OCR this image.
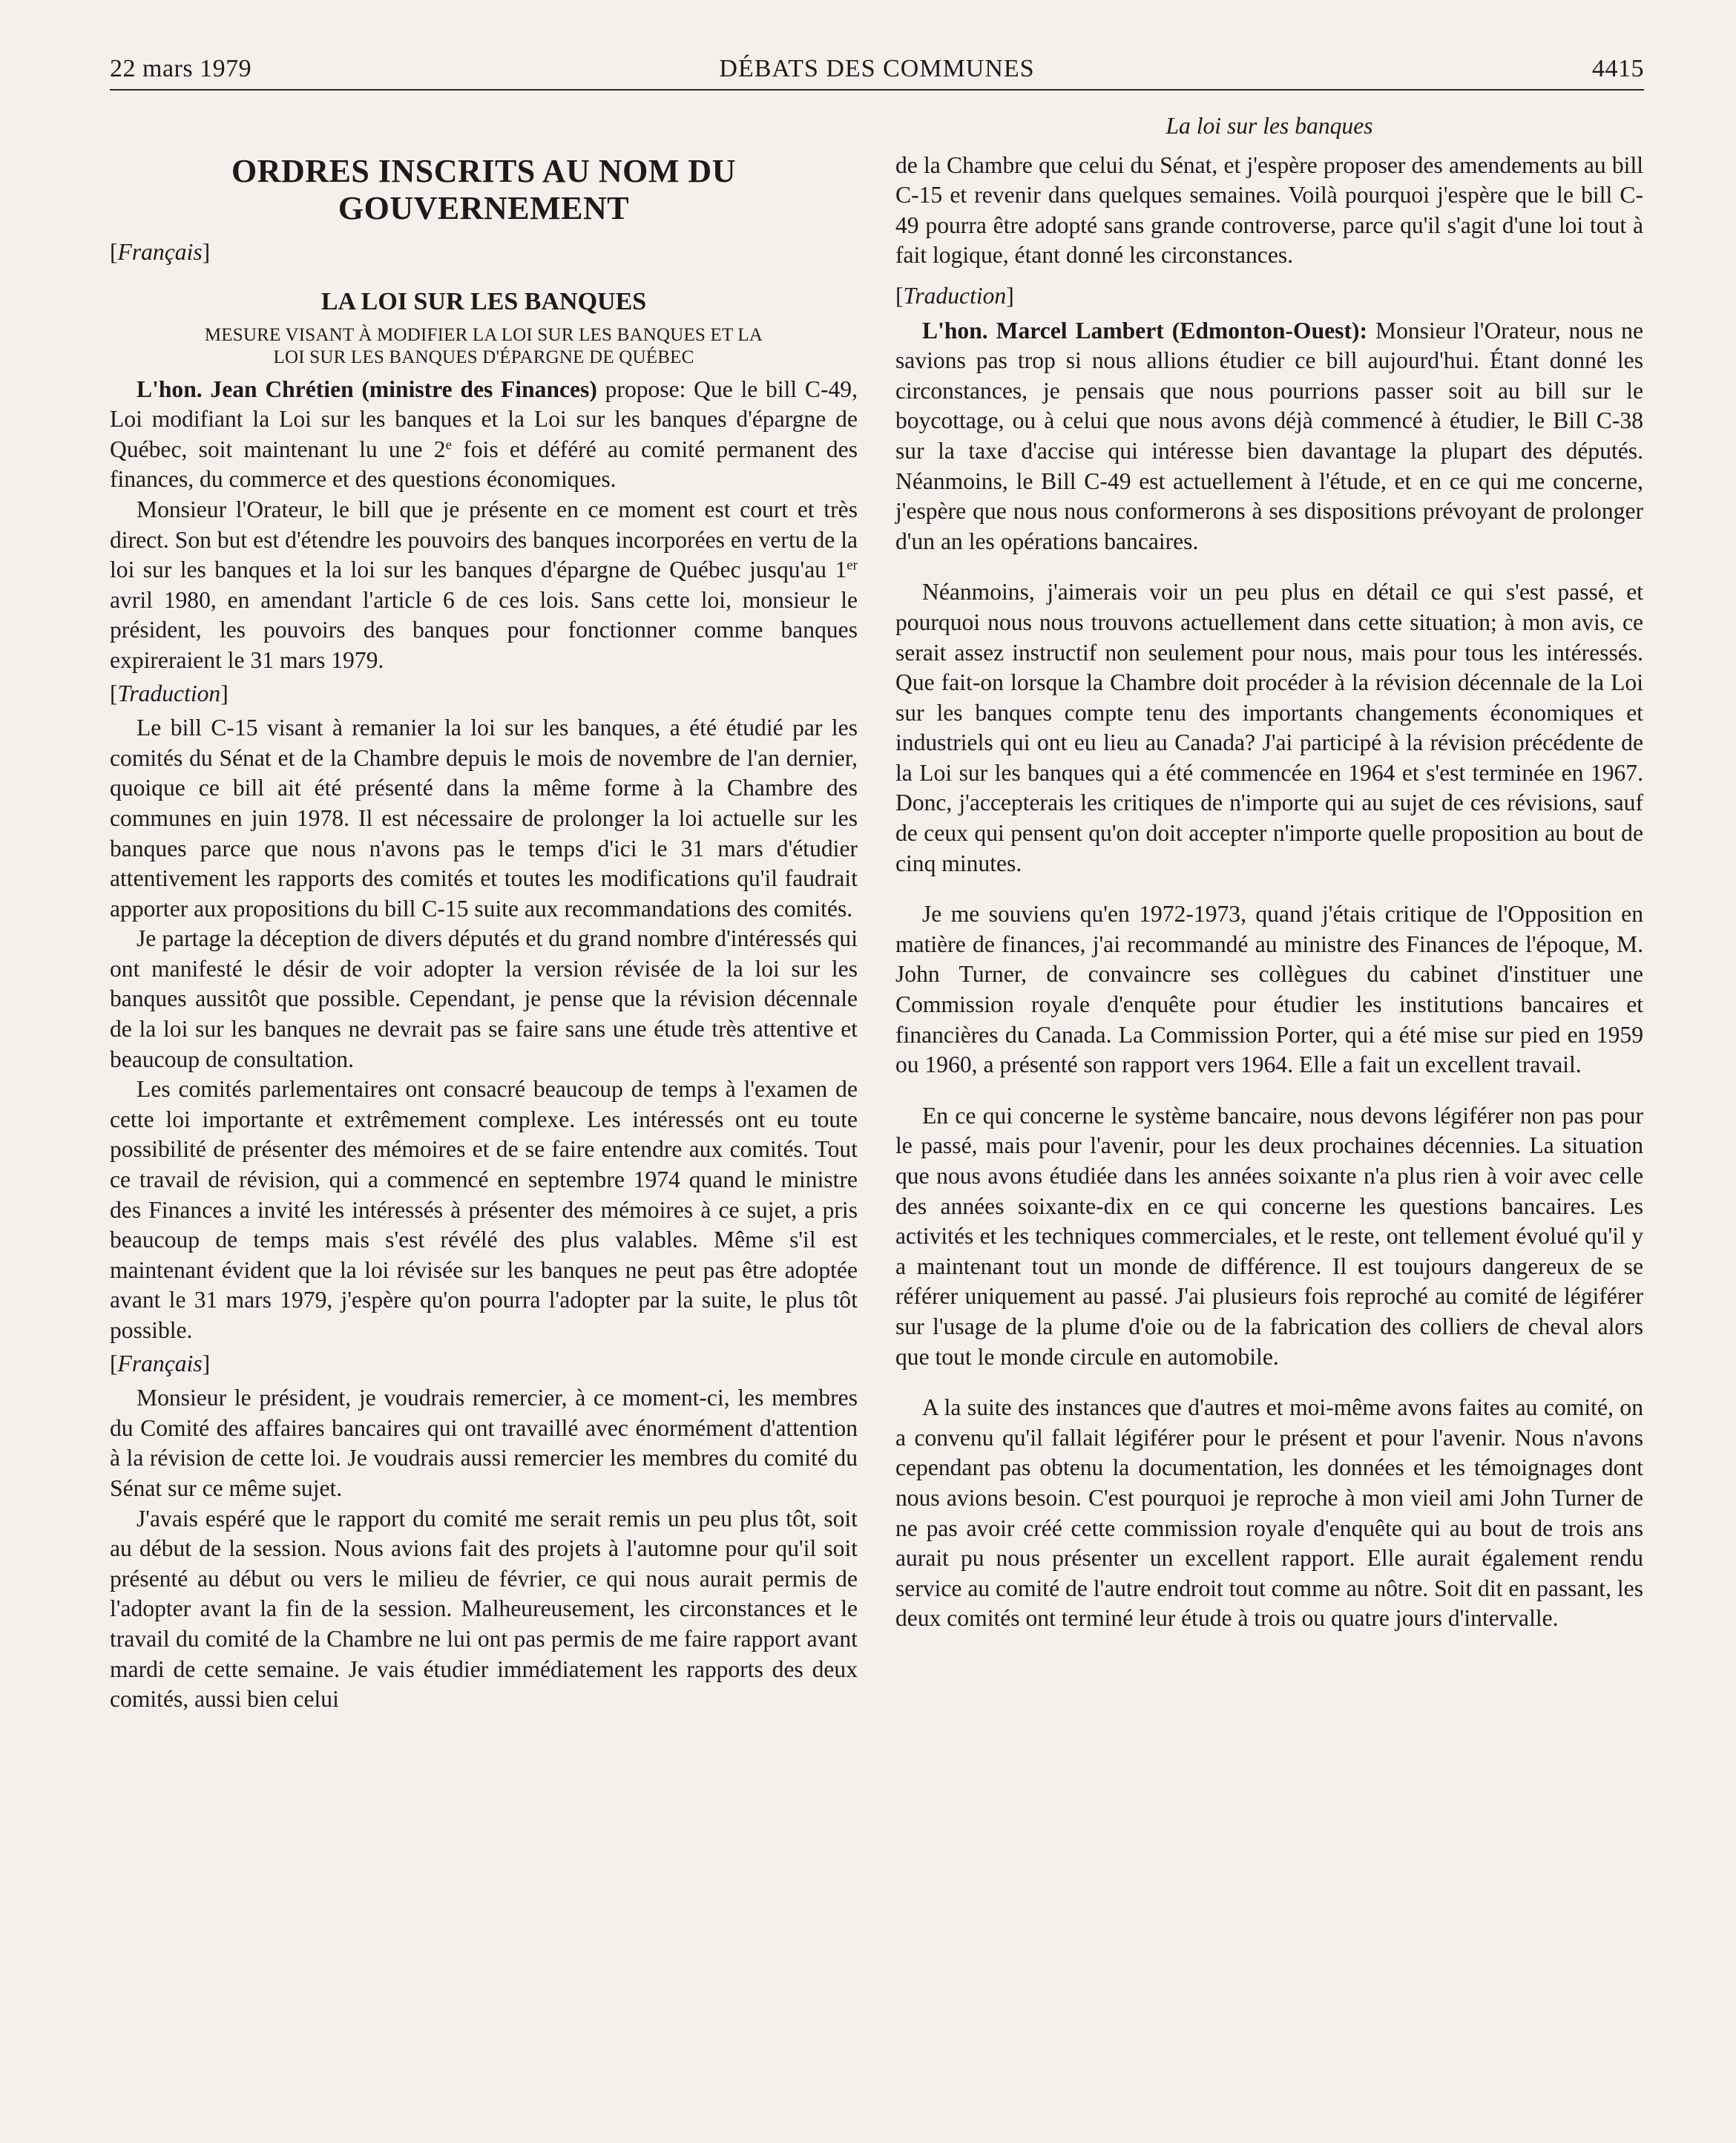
22 mars 1979	DÉBATS DES COMMUNES	4415
ORDRES INSCRITS AU NOM DU
GOUVERNEMENT

[Français]

LA LOI SUR LES BANQUES

MESURE VISANT À MODIFIER LA LOI SUR LES BANQUES ET LA
LOI SUR LES BANQUES D'ÉPARGNE DE QUÉBEC

L'hon. Jean Chrétien (ministre des Finances) propose: Que le bill C-49, Loi modifiant la Loi sur les banques et la Loi sur les banques d'épargne de Québec, soit maintenant lu une 2e fois et déféré au comité permanent des finances, du commerce et des questions économiques.

Monsieur l'Orateur, le bill que je présente en ce moment est court et très direct. Son but est d'étendre les pouvoirs des banques incorporées en vertu de la loi sur les banques et la loi sur les banques d'épargne de Québec jusqu'au 1er avril 1980, en amendant l'article 6 de ces lois. Sans cette loi, monsieur le président, les pouvoirs des banques pour fonctionner comme banques expireraient le 31 mars 1979.

[Traduction]

Le bill C-15 visant à remanier la loi sur les banques, a été étudié par les comités du Sénat et de la Chambre depuis le mois de novembre de l'an dernier, quoique ce bill ait été présenté dans la même forme à la Chambre des communes en juin 1978. Il est nécessaire de prolonger la loi actuelle sur les banques parce que nous n'avons pas le temps d'ici le 31 mars d'étudier attentivement les rapports des comités et toutes les modifications qu'il faudrait apporter aux propositions du bill C-15 suite aux recommandations des comités.

Je partage la déception de divers députés et du grand nombre d'intéressés qui ont manifesté le désir de voir adopter la version révisée de la loi sur les banques aussitôt que possible. Cependant, je pense que la révision décennale de la loi sur les banques ne devrait pas se faire sans une étude très attentive et beaucoup de consultation.

Les comités parlementaires ont consacré beaucoup de temps à l'examen de cette loi importante et extrêmement complexe. Les intéressés ont eu toute possibilité de présenter des mémoires et de se faire entendre aux comités. Tout ce travail de révision, qui a commencé en septembre 1974 quand le ministre des Finances a invité les intéressés à présenter des mémoires à ce sujet, a pris beaucoup de temps mais s'est révélé des plus valables. Même s'il est maintenant évident que la loi révisée sur les banques ne peut pas être adoptée avant le 31 mars 1979, j'espère qu'on pourra l'adopter par la suite, le plus tôt possible.

[Français]

Monsieur le président, je voudrais remercier, à ce moment-ci, les membres du Comité des affaires bancaires qui ont travaillé avec énormément d'attention à la révision de cette loi. Je voudrais aussi remercier les membres du comité du Sénat sur ce même sujet.

J'avais espéré que le rapport du comité me serait remis un peu plus tôt, soit au début de la session. Nous avions fait des projets à l'automne pour qu'il soit présenté au début ou vers le milieu de février, ce qui nous aurait permis de l'adopter avant la fin de la session. Malheureusement, les circonstances et le travail du comité de la Chambre ne lui ont pas permis de me faire rapport avant mardi de cette semaine. Je vais étudier immédiatement les rapports des deux comités, aussi bien celui

La loi sur les banques

de la Chambre que celui du Sénat, et j'espère proposer des amendements au bill C-15 et revenir dans quelques semaines. Voilà pourquoi j'espère que le bill C-49 pourra être adopté sans grande controverse, parce qu'il s'agit d'une loi tout à fait logique, étant donné les circonstances.

[Traduction]

L'hon. Marcel Lambert (Edmonton-Ouest): Monsieur l'Orateur, nous ne savions pas trop si nous allions étudier ce bill aujourd'hui. Étant donné les circonstances, je pensais que nous pourrions passer soit au bill sur le boycottage, ou à celui que nous avons déjà commencé à étudier, le Bill C-38 sur la taxe d'accise qui intéresse bien davantage la plupart des députés. Néanmoins, le Bill C-49 est actuellement à l'étude, et en ce qui me concerne, j'espère que nous nous conformerons à ses dispositions prévoyant de prolonger d'un an les opérations bancaires.

Néanmoins, j'aimerais voir un peu plus en détail ce qui s'est passé, et pourquoi nous nous trouvons actuellement dans cette situation; à mon avis, ce serait assez instructif non seulement pour nous, mais pour tous les intéressés. Que fait-on lorsque la Chambre doit procéder à la révision décennale de la Loi sur les banques compte tenu des importants changements économiques et industriels qui ont eu lieu au Canada? J'ai participé à la révision précédente de la Loi sur les banques qui a été commencée en 1964 et s'est terminée en 1967. Donc, j'accepterais les critiques de n'importe qui au sujet de ces révisions, sauf de ceux qui pensent qu'on doit accepter n'importe quelle proposition au bout de cinq minutes.

Je me souviens qu'en 1972-1973, quand j'étais critique de l'Opposition en matière de finances, j'ai recommandé au ministre des Finances de l'époque, M. John Turner, de convaincre ses collègues du cabinet d'instituer une Commission royale d'enquête pour étudier les institutions bancaires et financières du Canada. La Commission Porter, qui a été mise sur pied en 1959 ou 1960, a présenté son rapport vers 1964. Elle a fait un excellent travail.

En ce qui concerne le système bancaire, nous devons légiférer non pas pour le passé, mais pour l'avenir, pour les deux prochaines décennies. La situation que nous avons étudiée dans les années soixante n'a plus rien à voir avec celle des années soixante-dix en ce qui concerne les questions bancaires. Les activités et les techniques commerciales, et le reste, ont tellement évolué qu'il y a maintenant tout un monde de différence. Il est toujours dangereux de se référer uniquement au passé. J'ai plusieurs fois reproché au comité de légiférer sur l'usage de la plume d'oie ou de la fabrication des colliers de cheval alors que tout le monde circule en automobile.

A la suite des instances que d'autres et moi-même avons faites au comité, on a convenu qu'il fallait légiférer pour le présent et pour l'avenir. Nous n'avons cependant pas obtenu la documentation, les données et les témoignages dont nous avions besoin. C'est pourquoi je reproche à mon vieil ami John Turner de ne pas avoir créé cette commission royale d'enquête qui au bout de trois ans aurait pu nous présenter un excellent rapport. Elle aurait également rendu service au comité de l'autre endroit tout comme au nôtre. Soit dit en passant, les deux comités ont terminé leur étude à trois ou quatre jours d'intervalle.
